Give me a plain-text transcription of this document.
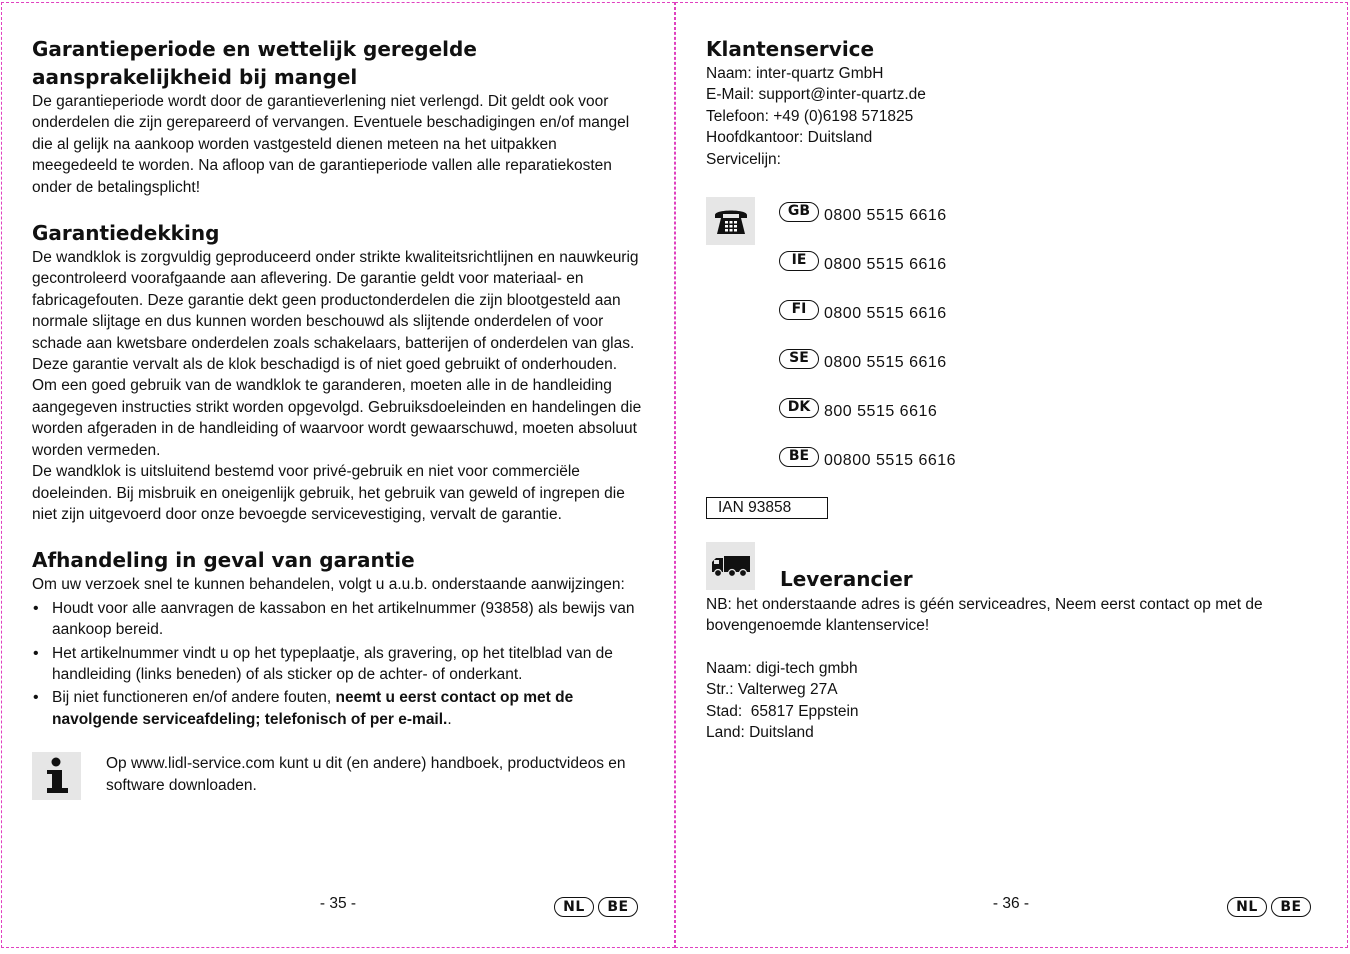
Garantieperiode en wettelijk geregelde aansprakelijkheid bij mangel

De garantieperiode wordt door de garantieverlening niet verlengd. Dit geldt ook voor onderdelen die zijn gerepareerd of vervangen. Eventuele beschadigingen en/of mangel die al gelijk na aankoop worden vastgesteld dienen meteen na het uitpakken meegedeeld te worden. Na afloop van de garantieperiode vallen alle reparatiekosten onder de betalingsplicht!

Garantiedekking

De wandklok is zorgvuldig geproduceerd onder strikte kwaliteitsrichtlijnen en nauwkeurig gecontroleerd voorafgaande aan aflevering. De garantie geldt voor materiaal- en fabricagefouten. Deze garantie dekt geen productonderdelen die zijn blootgesteld aan normale slijtage en dus kunnen worden beschouwd als slijtende onderdelen of voor schade aan kwetsbare onderdelen zoals schakelaars, batterijen of onderdelen van glas.

Deze garantie vervalt als de klok beschadigd is of niet goed gebruikt of onderhouden. Om een goed gebruik van de wandklok te garanderen, moeten alle in de handleiding aangegeven instructies strikt worden opgevolgd. Gebruiksdoeleinden en handelingen die worden afgeraden in de handleiding of waarvoor wordt gewaarschuwd, moeten absoluut worden vermeden.

De wandklok is uitsluitend bestemd voor privé-gebruik en niet voor commerciële doeleinden. Bij misbruik en oneigenlijk gebruik, het gebruik van geweld of ingrepen die niet zijn uitgevoerd door onze bevoegde servicevestiging, vervalt de garantie.

Afhandeling in geval van garantie

Om uw verzoek snel te kunnen behandelen, volgt u a.u.b. onderstaande aanwijzingen:

• Houdt voor alle aanvragen de kassabon en het artikelnummer (93858) als bewijs van aankoop bereid.
• Het artikelnummer vindt u op het typeplaatje, als gravering, op het titelblad van de handleiding (links beneden) of als sticker op de achter- of onderkant.
• Bij niet functioneren en/of andere fouten, neemt u eerst contact op met de navolgende serviceafdeling; telefonisch of per e-mail..

Op www.lidl-service.com kunt u dit (en andere) handboek, productvideos en software downloaden.

- 35 -	NL	BE
Klantenservice

Naam: inter-quartz GmbH

E-Mail: support@inter-quartz.de

Telefoon: +49 (0)6198 571825

Hoofdkantoor: Duitsland

Servicelijn:

GB 0800 5515 6616
IE	0800 5515 6616
FI	0800 5515 6616
SE 0800 5515 6616
DK 800 5515 6616
BE 00800 5515 6616
IAN 93858
Leverancier

NB: het onderstaande adres is géén serviceadres, Neem eerst contact op met de bovengenoemde klantenservice!

Naam: digi-tech gmbh

Str.: Valterweg 27A

Stad:  65817 Eppstein

Land: Duitsland

- 36 -	NL	BE
